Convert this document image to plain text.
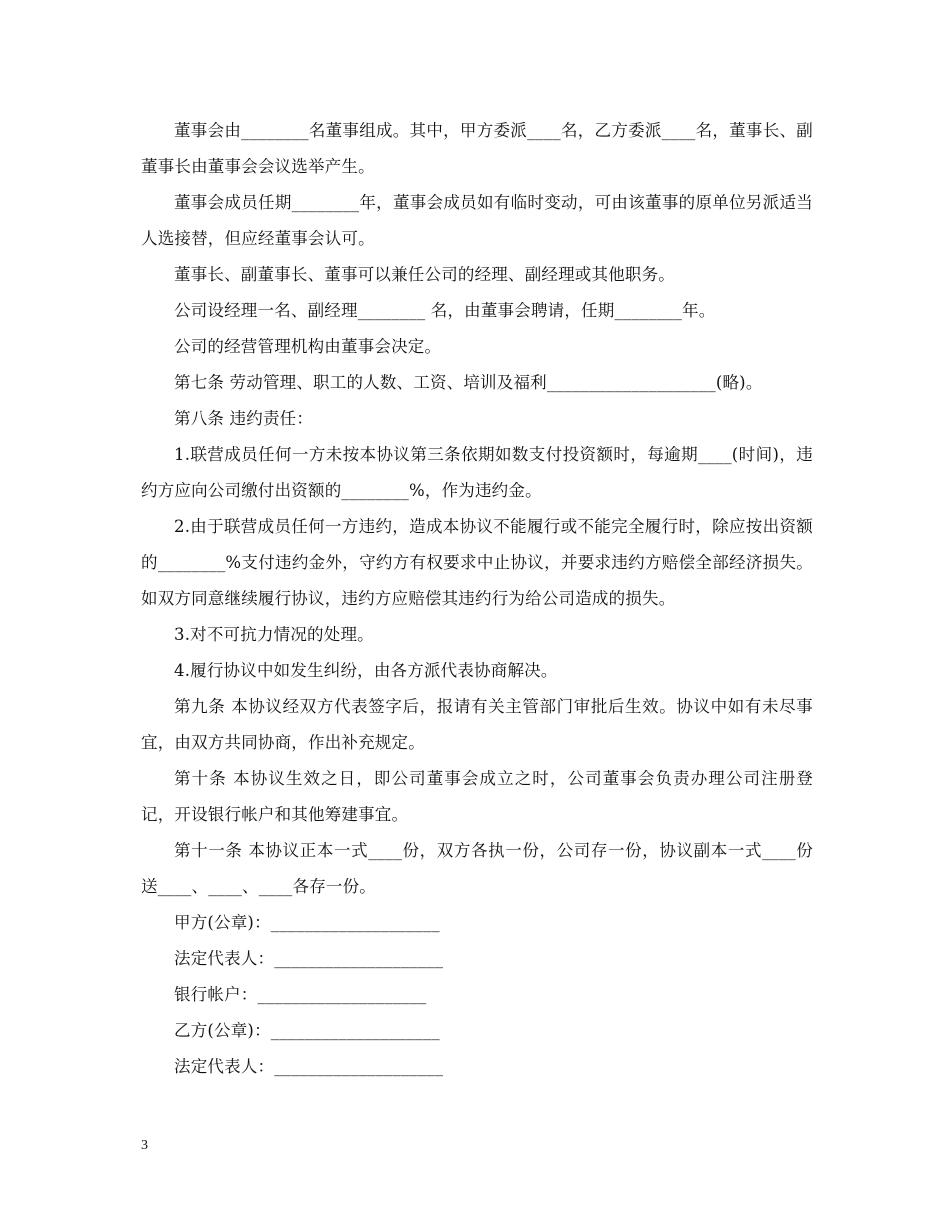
董事会由________名董事组成。其中，甲方委派____名，乙方委派____名，董事长、副董事长由董事会会议选举产生。

董事会成员任期________年，董事会成员如有临时变动，可由该董事的原单位另派适当人选接替，但应经董事会认可。

董事长、副董事长、董事可以兼任公司的经理、副经理或其他职务。

公司设经理一名、副经理________ 名，由董事会聘请，任期________年。

公司的经营管理机构由董事会决定。

第七条 劳动管理、职工的人数、工资、培训及福利____________________(略)。

第八条 违约责任：

1.联营成员任何一方未按本协议第三条依期如数支付投资额时，每逾期____(时间)，违约方应向公司缴付出资额的________%，作为违约金。

2.由于联营成员任何一方违约，造成本协议不能履行或不能完全履行时，除应按出资额的________%支付违约金外，守约方有权要求中止协议，并要求违约方赔偿全部经济损失。如双方同意继续履行协议，违约方应赔偿其违约行为给公司造成的损失。

3.对不可抗力情况的处理。

4.履行协议中如发生纠纷，由各方派代表协商解决。

第九条 本协议经双方代表签字后，报请有关主管部门审批后生效。协议中如有未尽事宜，由双方共同协商，作出补充规定。

第十条 本协议生效之日，即公司董事会成立之时，公司董事会负责办理公司注册登记，开设银行帐户和其他筹建事宜。

第十一条 本协议正本一式____份，双方各执一份，公司存一份，协议副本一式____份送____、____、____各存一份。

甲方(公章)：____________________

法定代表人：____________________

银行帐户：____________________

乙方(公章)：____________________

法定代表人：____________________

3
